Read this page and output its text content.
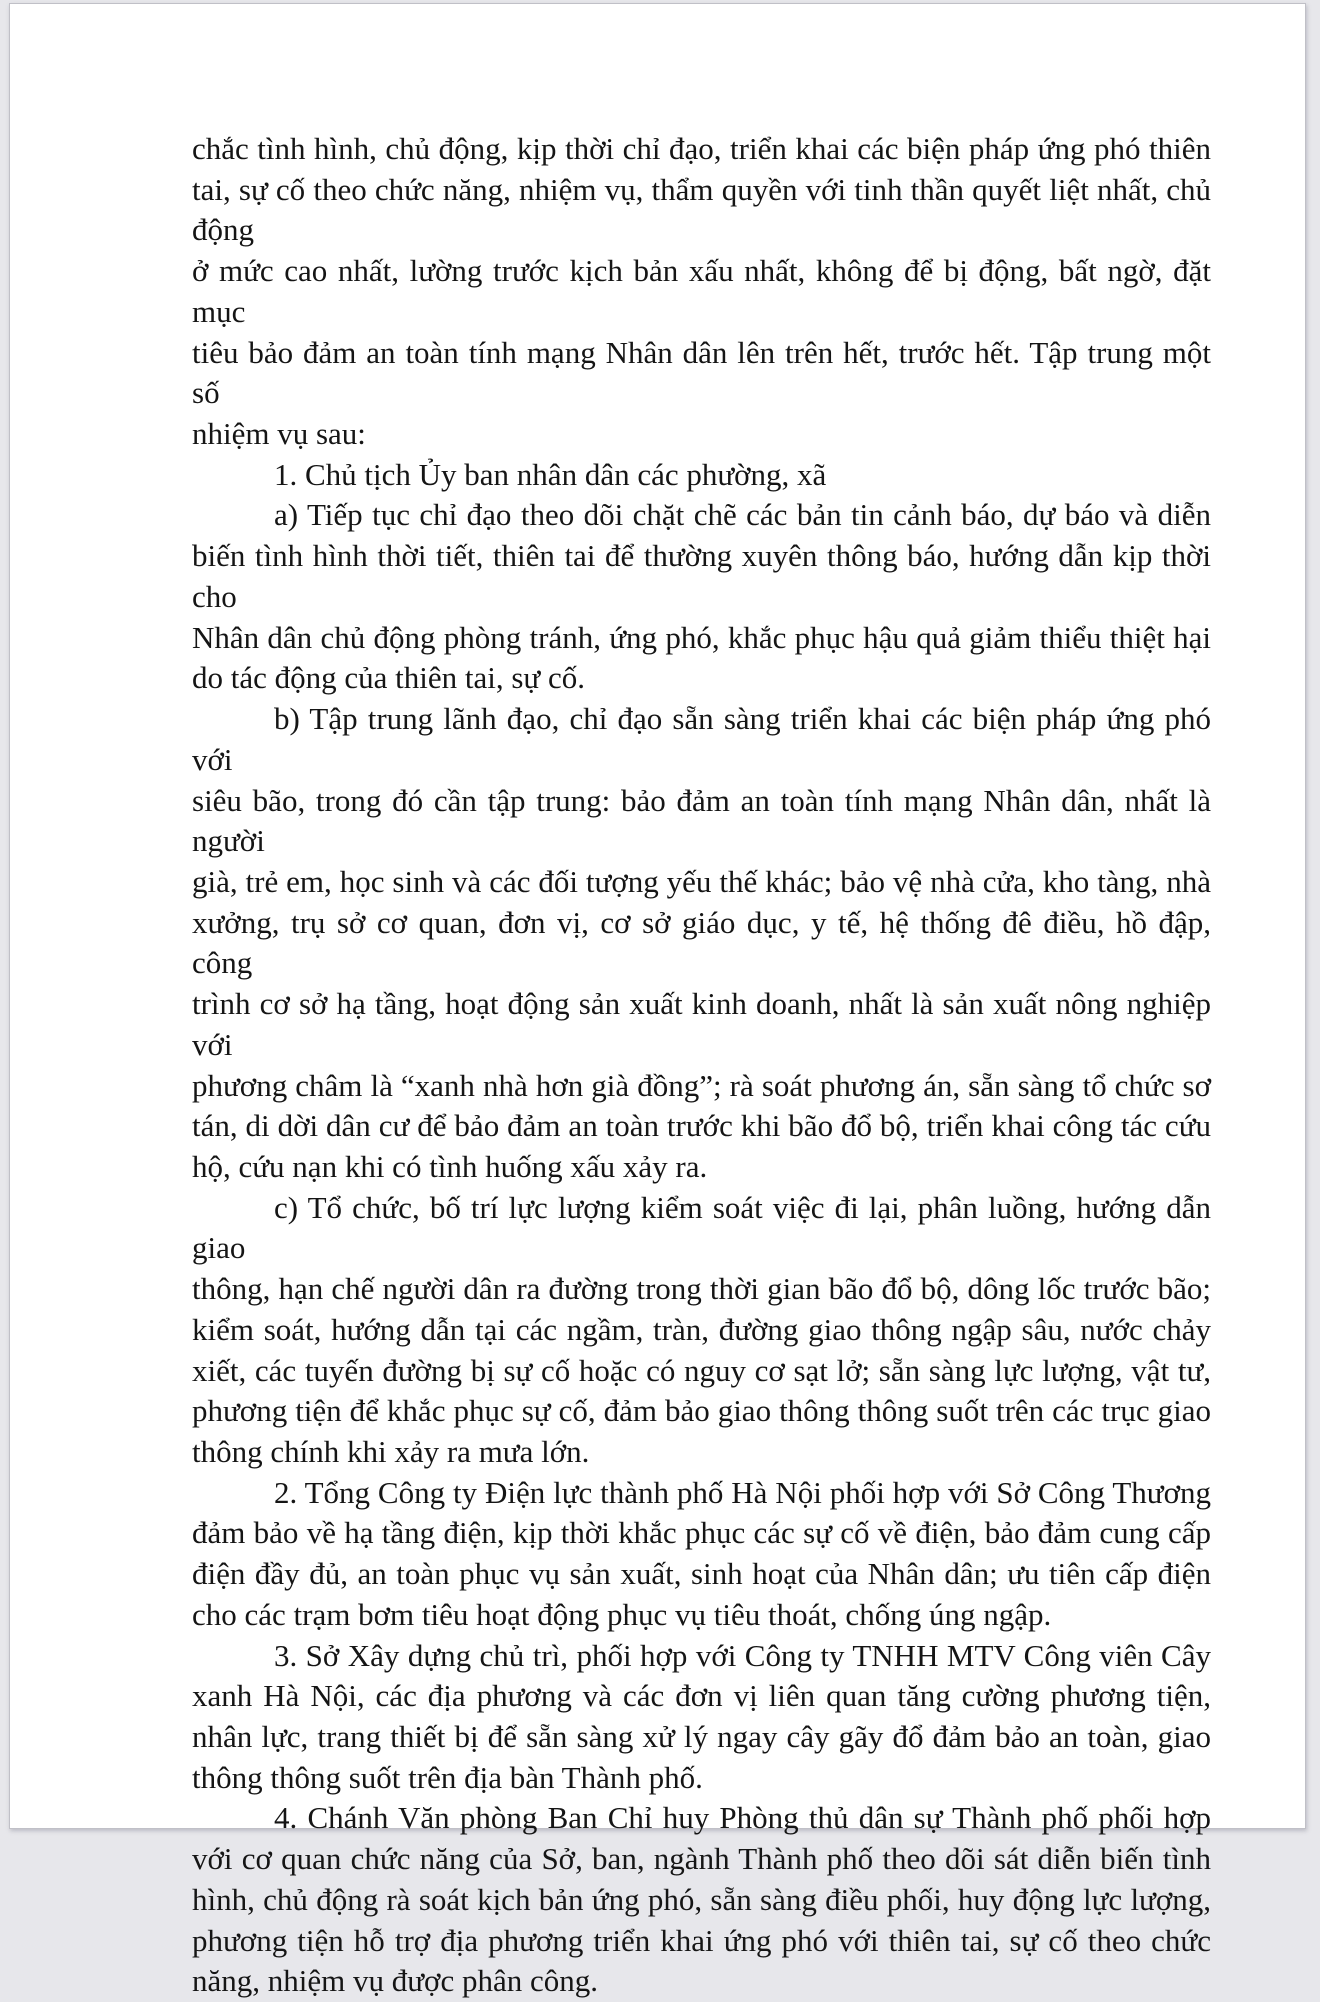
chắc tình hình, chủ động, kịp thời chỉ đạo, triển khai các biện pháp ứng phó thiên
tai, sự cố theo chức năng, nhiệm vụ, thẩm quyền với tinh thần quyết liệt nhất, chủ động
ở mức cao nhất, lường trước kịch bản xấu nhất, không để bị động, bất ngờ, đặt mục
tiêu bảo đảm an toàn tính mạng Nhân dân lên trên hết, trước hết. Tập trung một số
nhiệm vụ sau:

1. Chủ tịch Ủy ban nhân dân các phường, xã

a) Tiếp tục chỉ đạo theo dõi chặt chẽ các bản tin cảnh báo, dự báo và diễn
biến tình hình thời tiết, thiên tai để thường xuyên thông báo, hướng dẫn kịp thời cho
Nhân dân chủ động phòng tránh, ứng phó, khắc phục hậu quả giảm thiểu thiệt hại
do tác động của thiên tai, sự cố.

b) Tập trung lãnh đạo, chỉ đạo sẵn sàng triển khai các biện pháp ứng phó với
siêu bão, trong đó cần tập trung: bảo đảm an toàn tính mạng Nhân dân, nhất là người
già, trẻ em, học sinh và các đối tượng yếu thế khác; bảo vệ nhà cửa, kho tàng, nhà
xưởng, trụ sở cơ quan, đơn vị, cơ sở giáo dục, y tế, hệ thống đê điều, hồ đập, công
trình cơ sở hạ tầng, hoạt động sản xuất kinh doanh, nhất là sản xuất nông nghiệp với
phương châm là “xanh nhà hơn già đồng”; rà soát phương án, sẵn sàng tổ chức sơ
tán, di dời dân cư để bảo đảm an toàn trước khi bão đổ bộ, triển khai công tác cứu
hộ, cứu nạn khi có tình huống xấu xảy ra.

c) Tổ chức, bố trí lực lượng kiểm soát việc đi lại, phân luồng, hướng dẫn giao
thông, hạn chế người dân ra đường trong thời gian bão đổ bộ, dông lốc trước bão;
kiểm soát, hướng dẫn tại các ngầm, tràn, đường giao thông ngập sâu, nước chảy
xiết, các tuyến đường bị sự cố hoặc có nguy cơ sạt lở; sẵn sàng lực lượng, vật tư,
phương tiện để khắc phục sự cố, đảm bảo giao thông thông suốt trên các trục giao
thông chính khi xảy ra mưa lớn.

2. Tổng Công ty Điện lực thành phố Hà Nội phối hợp với Sở Công Thương
đảm bảo về hạ tầng điện, kịp thời khắc phục các sự cố về điện, bảo đảm cung cấp
điện đầy đủ, an toàn phục vụ sản xuất, sinh hoạt của Nhân dân; ưu tiên cấp điện
cho các trạm bơm tiêu hoạt động phục vụ tiêu thoát, chống úng ngập.

3. Sở Xây dựng chủ trì, phối hợp với Công ty TNHH MTV Công viên Cây
xanh Hà Nội, các địa phương và các đơn vị liên quan tăng cường phương tiện,
nhân lực, trang thiết bị để sẵn sàng xử lý ngay cây gãy đổ đảm bảo an toàn, giao
thông thông suốt trên địa bàn Thành phố.

4. Chánh Văn phòng Ban Chỉ huy Phòng thủ dân sự Thành phố phối hợp
với cơ quan chức năng của Sở, ban, ngành Thành phố theo dõi sát diễn biến tình
hình, chủ động rà soát kịch bản ứng phó, sẵn sàng điều phối, huy động lực lượng,
phương tiện hỗ trợ địa phương triển khai ứng phó với thiên tai, sự cố theo chức
năng, nhiệm vụ được phân công.
